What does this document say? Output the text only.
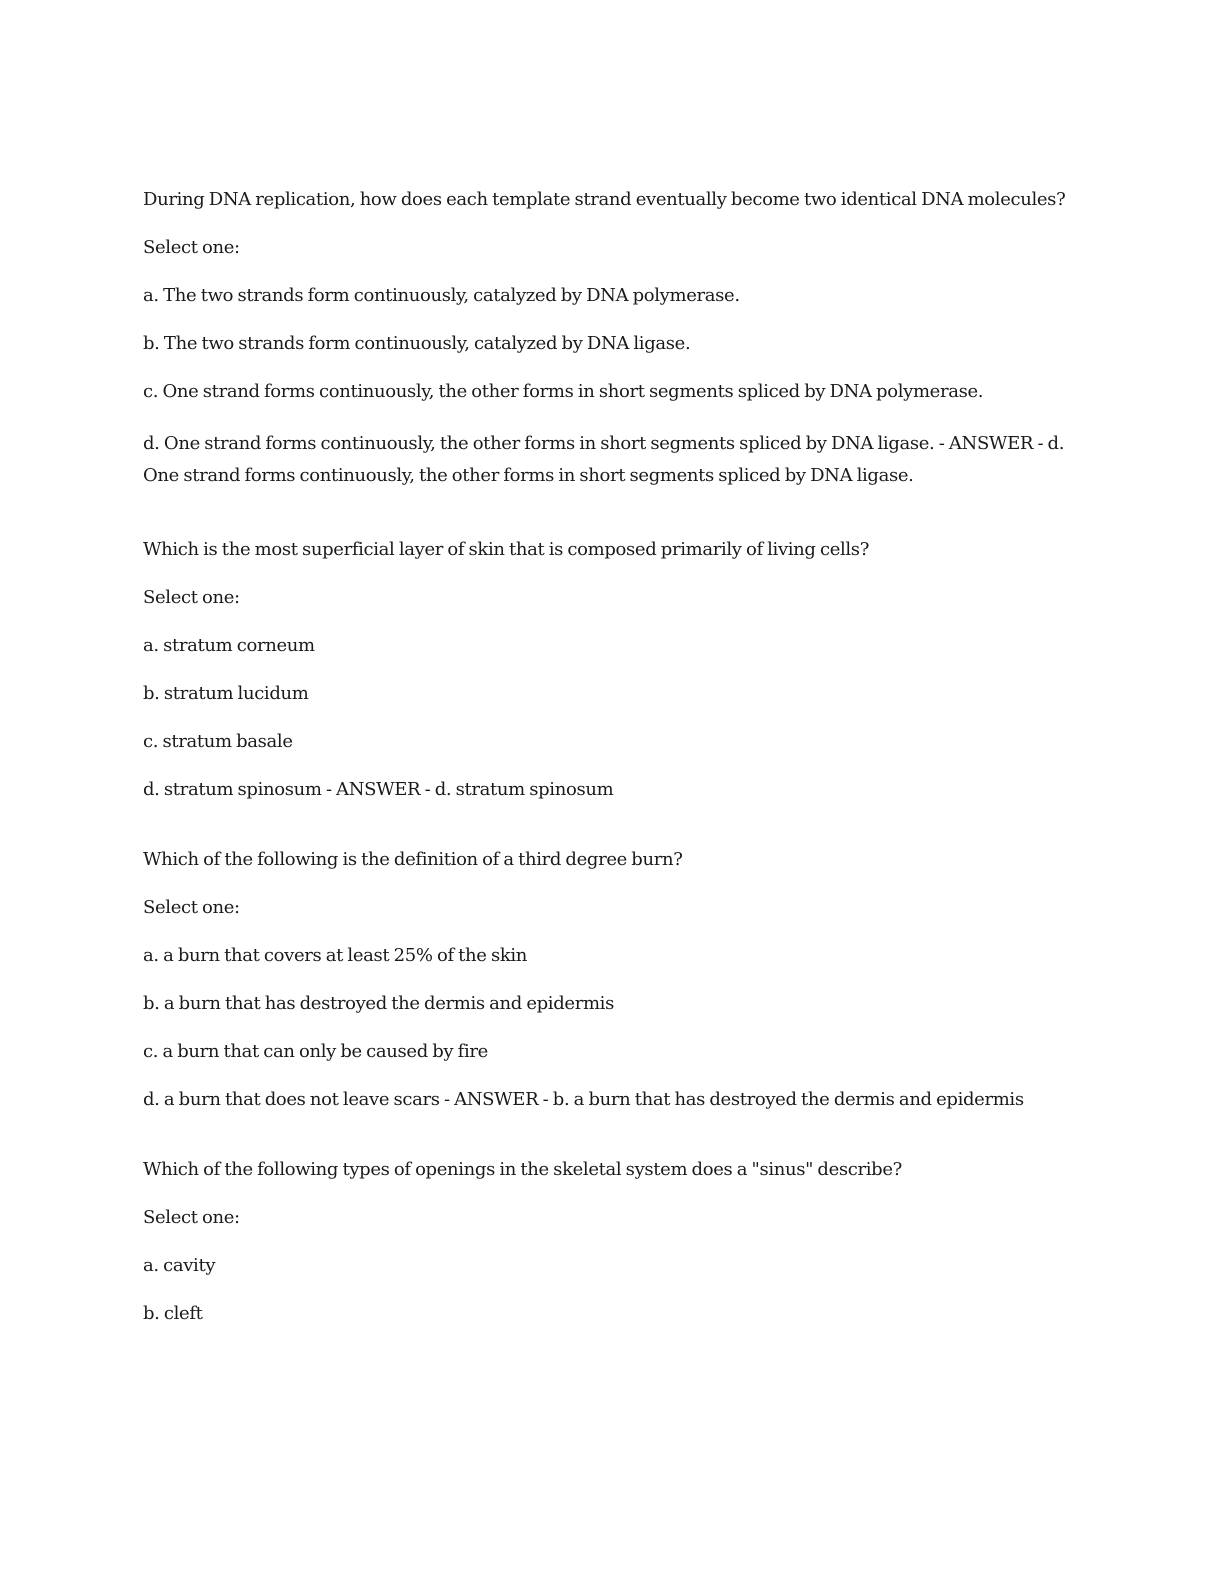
During DNA replication, how does each template strand eventually become two identical DNA molecules?

Select one:

a. The two strands form continuously, catalyzed by DNA polymerase.

b. The two strands form continuously, catalyzed by DNA ligase.

c. One strand forms continuously, the other forms in short segments spliced by DNA polymerase.

d. One strand forms continuously, the other forms in short segments spliced by DNA ligase. - ANSWER - d. One strand forms continuously, the other forms in short segments spliced by DNA ligase.

Which is the most superficial layer of skin that is composed primarily of living cells?

Select one:

a. stratum corneum

b. stratum lucidum

c. stratum basale

d. stratum spinosum - ANSWER - d. stratum spinosum

Which of the following is the definition of a third degree burn?

Select one:

a. a burn that covers at least 25% of the skin

b. a burn that has destroyed the dermis and epidermis

c. a burn that can only be caused by fire

d. a burn that does not leave scars - ANSWER - b. a burn that has destroyed the dermis and epidermis

Which of the following types of openings in the skeletal system does a "sinus" describe?

Select one:

a. cavity

b. cleft
